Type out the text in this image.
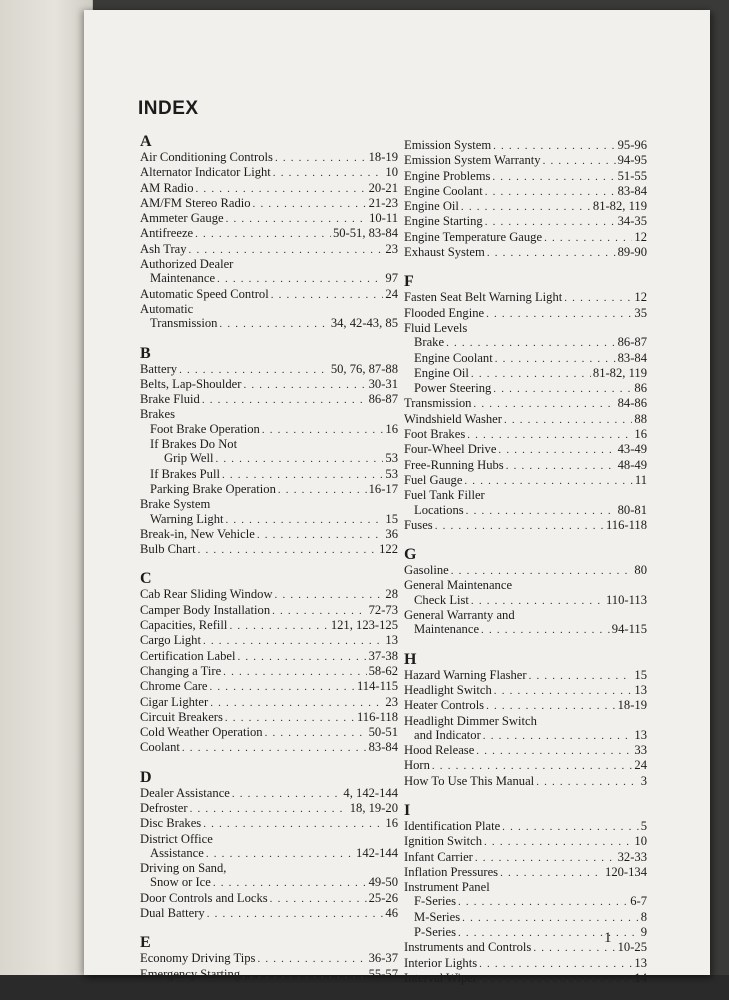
INDEX
A
Air Conditioning Controls . . .	18-19
Alternator Indicator Light . . .	10
AM Radio . . .	20-21
AM/FM Stereo Radio . . .	21-23
Ammeter Gauge . . .	10-11
Antifreeze . . .	50-51, 83-84
Ash Tray . . .	23
Authorized Dealer
Maintenance . . .	97
Automatic Speed Control . . .	24
Automatic
Transmission . . .	34, 42-43, 85
B
Battery . . .	50, 76, 87-88
Belts, Lap-Shoulder . . .	30-31
Brake Fluid . . .	86-87
Brakes
Foot Brake Operation . . .	16
If Brakes Do Not
Grip Well . . .	53
If Brakes Pull . . .	53
Parking Brake Operation . . .	16-17
Brake System
Warning Light . . .	15
Break-in, New Vehicle . . .	36
Bulb Chart . . .	122
C
Cab Rear Sliding Window . . .	28
Camper Body Installation . . .	72-73
Capacities, Refill . . .	121, 123-125
Cargo Light . . .	13
Certification Label . . .	37-38
Changing a Tire . . .	58-62
Chrome Care . . .	114-115
Cigar Lighter . . .	23
Circuit Breakers . . .	116-118
Cold Weather Operation . . .	50-51
Coolant . . .	83-84
D
Dealer Assistance . . .	4, 142-144
Defroster . . .	18, 19-20
Disc Brakes . . .	16
District Office
Assistance . . .	142-144
Driving on Sand,
Snow or Ice . . .	49-50
Door Controls and Locks . . .	25-26
Dual Battery . . .	46
E
Economy Driving Tips . . .	36-37
Emergency Starting . . .	55-57
Emission System . . .	95-96
Emission System Warranty . . .	94-95
Engine Problems . . .	51-55
Engine Coolant . . .	83-84
Engine Oil . . .	81-82, 119
Engine Starting . . .	34-35
Engine Temperature Gauge . . .	12
Exhaust System . . .	89-90
F
Fasten Seat Belt Warning Light . . .	12
Flooded Engine . . .	35
Fluid Levels
Brake . . .	86-87
Engine Coolant . . .	83-84
Engine Oil . . .	81-82, 119
Power Steering . . .	86
Transmission . . .	84-86
Windshield Washer . . .	88
Foot Brakes . . .	16
Four-Wheel Drive . . .	43-49
Free-Running Hubs . . .	48-49
Fuel Gauge . . .	11
Fuel Tank Filler
Locations . . .	80-81
Fuses . . .	116-118
G
Gasoline . . .	80
General Maintenance
Check List . . .	110-113
General Warranty and
Maintenance . . .	94-115
H
Hazard Warning Flasher . . .	15
Headlight Switch . . .	13
Heater Controls . . .	18-19
Headlight Dimmer Switch
and Indicator . . .	13
Hood Release . . .	33
Horn . . .	24
How To Use This Manual . . .	3
I
Identification Plate . . .	5
Ignition Switch . . .	10
Infant Carrier . . .	32-33
Inflation Pressures . . .	120-134
Instrument Panel
F-Series . . .	6-7
M-Series . . .	8
P-Series . . .	9
Instruments and Controls . . .	10-25
Interior Lights . . .	13
Interval Wiper . . .	14
1
